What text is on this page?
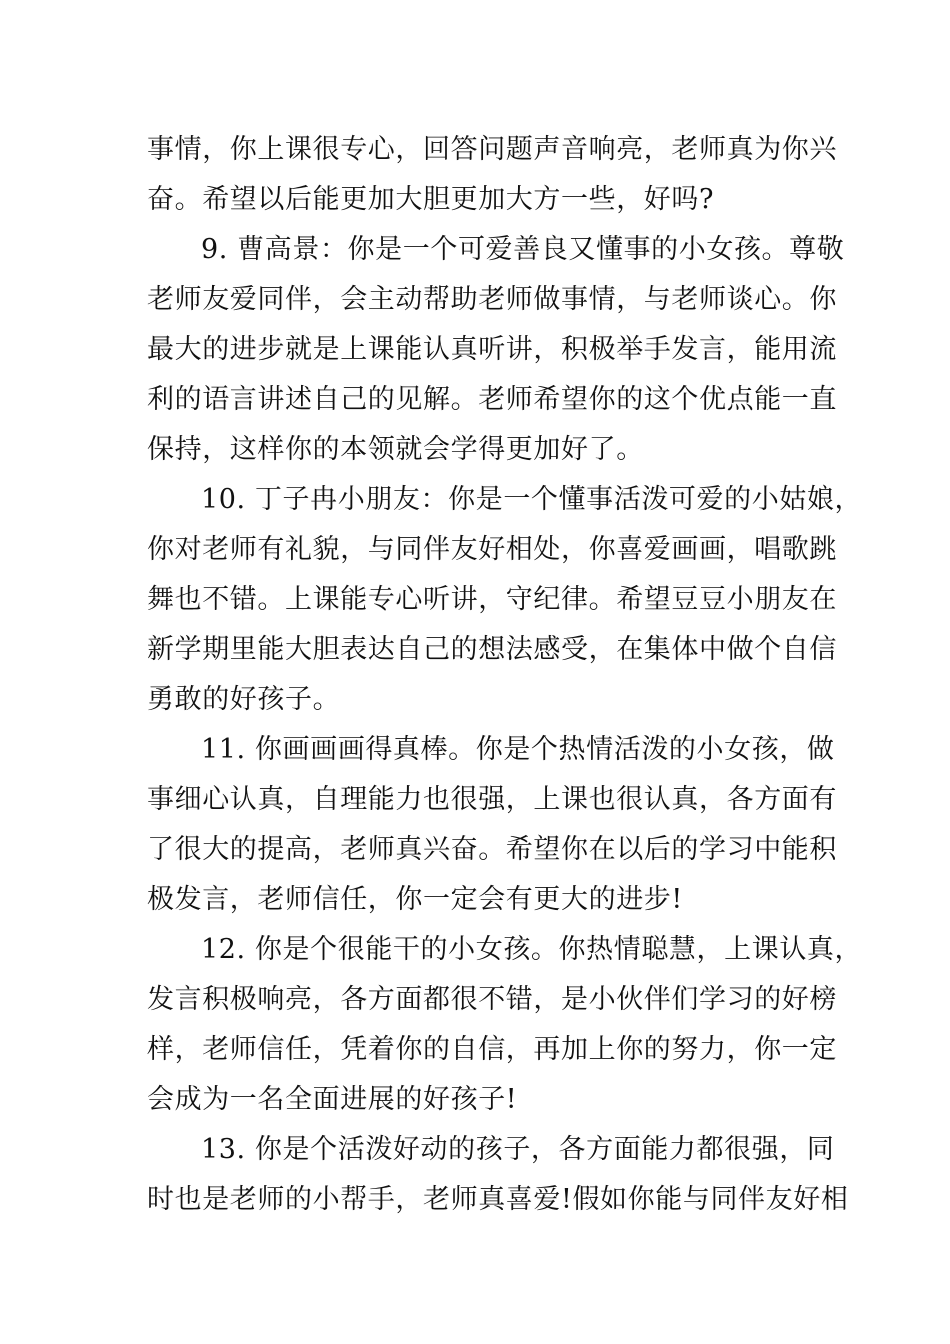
事情，你上课很专心，回答问题声音响亮，老师真为你兴
奋。希望以后能更加大胆更加大方一些，好吗?
9. 曹高景：你是一个可爱善良又懂事的小女孩。尊敬
老师友爱同伴，会主动帮助老师做事情，与老师谈心。你
最大的进步就是上课能认真听讲，积极举手发言，能用流
利的语言讲述自己的见解。老师希望你的这个优点能一直
保持，这样你的本领就会学得更加好了。
10. 丁子冉小朋友：你是一个懂事活泼可爱的小姑娘，
你对老师有礼貌，与同伴友好相处，你喜爱画画，唱歌跳
舞也不错。上课能专心听讲，守纪律。希望豆豆小朋友在
新学期里能大胆表达自己的想法感受，在集体中做个自信
勇敢的好孩子。
11. 你画画画得真棒。你是个热情活泼的小女孩，做
事细心认真，自理能力也很强，上课也很认真，各方面有
了很大的提高，老师真兴奋。希望你在以后的学习中能积
极发言，老师信任，你一定会有更大的进步!
12. 你是个很能干的小女孩。你热情聪慧，上课认真，
发言积极响亮，各方面都很不错，是小伙伴们学习的好榜
样，老师信任，凭着你的自信，再加上你的努力，你一定
会成为一名全面进展的好孩子!
13. 你是个活泼好动的孩子，各方面能力都很强，同
时也是老师的小帮手，老师真喜爱!假如你能与同伴友好相
